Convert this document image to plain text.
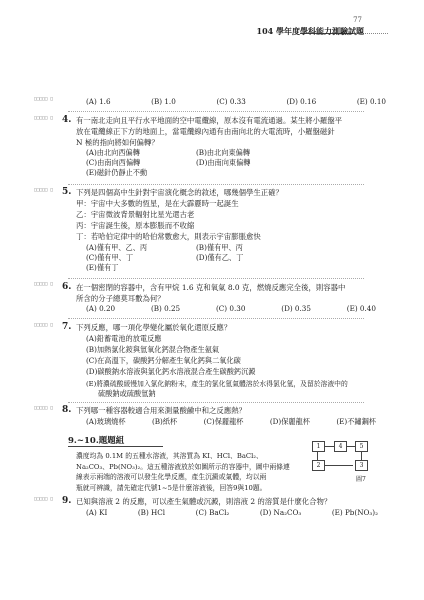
77
104 學年度學科能力測驗試題
(A) 1.6	(B) 1.0	(C) 0.33	(D) 0.16	(E) 0.10
□□□□□ □
□□□□□ □
□□□□□ □
□□□□□ □
□□□□□ □
□□□□□ □
□□□□□ □
4. 有一南北走向且平行水平地面的空中電纜線，原本沒有電流通過。某生將小羅盤平
放在電纜線正下方的地面上，當電纜線內通有由南向北的大電流時，小羅盤磁針
N 極的指向將如何偏轉？
(A)由北向西偏轉	(B)由北向東偏轉
(C)由南向西偏轉	(D)由南向東偏轉
(E)磁針仍靜止不動
5. 下列是四個高中生針對宇宙演化概念的敘述，哪幾個學生正確？
甲：宇宙中大多數的恆星，是在大霹靂時一起誕生
乙：宇宙微波背景輻射比星光還古老
丙：宇宙誕生後，原本膨脹而不收縮
丁：若哈伯定律中的哈伯常數愈大，則表示宇宙膨脹愈快
(A)僅有甲、乙、丙	(B)僅有甲、丙
(C)僅有甲、丁	(D)僅有乙、丁
(E)僅有丁
6. 在一個密閉的容器中，含有甲烷 1.6 克和氧氣 8.0 克，燃燒反應完全後，則容器中
所含的分子總莫耳數為何？
(A) 0.20	(B) 0.25	(C) 0.30	(D) 0.35	(E) 0.40
7. 下列反應，哪一項化學變化屬於氧化還原反應？
(A)鉛蓄電池的放電反應
(B)加熱氯化銨與氫氧化鈣混合物產生氨氣
(C)在高溫下，碳酸鈣分解產生氧化鈣與二氧化碳
(D)碳酸鈉水溶液與氯化鈣水溶液混合產生碳酸鈣沉澱
(E)將濃硫酸緩慢加入氯化鈉粉末，產生的氯化氫氣體溶於水得氯化氫，及留於溶液中的
硫酸鈉或硫酸氫鈉
8. 下列哪一種容器較適合用來測量酸鹼中和之反應熱？
(A)玻璃燒杯	(B)紙杯	(C)保麗龍杯	(D)保麗龍杯	(E)不鏽鋼杯
9.~10.題題組
濃度均為 0.1M 的五種水溶液，其溶質為 KI、HCl、BaCl₂、
Na₂CO₃、Pb(NO₃)₂。這五種溶液放於如圖所示的容器中，圖中兩條連
線表示兩端的溶液可以發生化學反應，產生沉澱或氣體，均以兩
瓶就可辨識，請先確定代號1~5是什麼溶液後，回答9與10題。
1	4	5
2	3
圖7
9. 已知與溶液 2 的反應，可以產生氣體或沉澱，則溶液 2 的溶質是什麼化合物？
(A) KI	(B) HCl	(C) BaCl₂	(D) Na₂CO₃	(E) Pb(NO₃)₂
